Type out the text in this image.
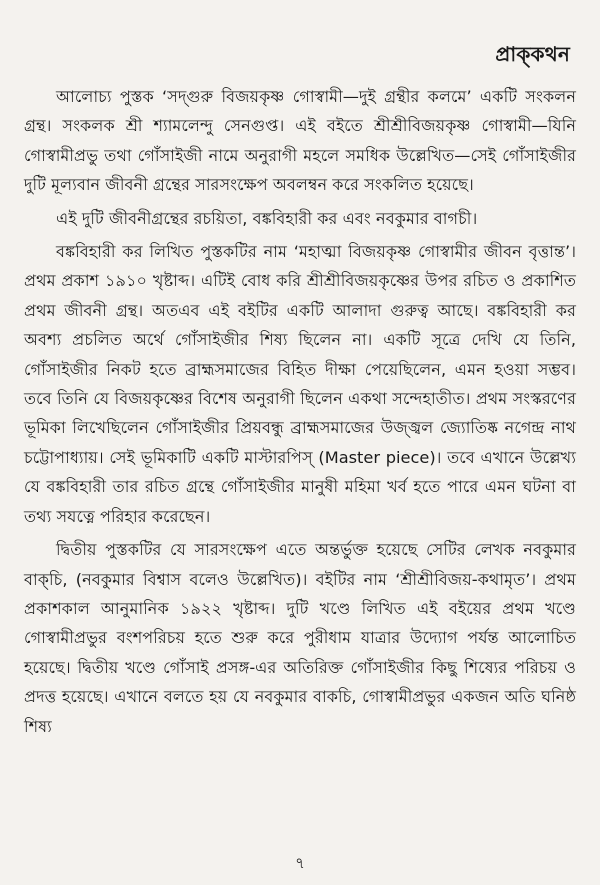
প্রাক্‌কথন

আলোচ্য পুস্তক ‘সদ্‌গুরু বিজয়কৃষ্ণ গোস্বামী—দুই গ্রন্থীর কলমে’ একটি সংকলন গ্রন্থ। সংকলক শ্রী শ্যামলেন্দু সেনগুপ্ত। এই বইতে শ্রীশ্রীবিজয়কৃষ্ণ গোস্বামী—যিনি গোস্বামীপ্রভু তথা গোঁসাইজী নামে অনুরাগী মহলে সমধিক উল্লেখিত—সেই গোঁসাইজীর দুটি মূল্যবান জীবনী গ্রন্থের সারসংক্ষেপ অবলম্বন করে সংকলিত হয়েছে।

এই দুটি জীবনীগ্রন্থের রচয়িতা, বঙ্কবিহারী কর এবং নবকুমার বাগচী।

বঙ্কবিহারী কর লিখিত পুস্তকটির নাম ‘মহাত্মা বিজয়কৃষ্ণ গোস্বামীর জীবন বৃত্তান্ত’। প্রথম প্রকাশ ১৯১০ খৃষ্টাব্দ। এটিই বোধ করি শ্রীশ্রীবিজয়কৃষ্ণের উপর রচিত ও প্রকাশিত প্রথম জীবনী গ্রন্থ। অতএব এই বইটির একটি আলাদা গুরুত্ব আছে। বঙ্কবিহারী কর অবশ্য প্রচলিত অর্থে গোঁসাইজীর শিষ্য ছিলেন না। একটি সূত্রে দেখি যে তিনি, গোঁসাইজীর নিকট হতে ব্রাহ্মসমাজের বিহিত দীক্ষা পেয়েছিলেন, এমন হওয়া সম্ভব। তবে তিনি যে বিজয়কৃষ্ণের বিশেষ অনুরাগী ছিলেন একথা সন্দেহাতীত। প্রথম সংস্করণের ভূমিকা লিখেছিলেন গোঁসাইজীর প্রিয়বন্ধু ব্রাহ্মসমাজের উজ্জ্বল জ্যোতিষ্ক নগেন্দ্র নাথ চট্টোপাধ্যায়। সেই ভূমিকাটি একটি মাস্টারপিস্ (Master piece)। তবে এখানে উল্লেখ্য যে বঙ্কবিহারী তার রচিত গ্রন্থে গোঁসাইজীর মানুষী মহিমা খর্ব হতে পারে এমন ঘটনা বা তথ্য সযত্নে পরিহার করেছেন।

দ্বিতীয় পুস্তকটির যে সারসংক্ষেপ এতে অন্তর্ভুক্ত হয়েছে সেটির লেখক নবকুমার বাক্‌চি, (নবকুমার বিশ্বাস বলেও উল্লেখিত)। বইটির নাম ‘শ্রীশ্রীবিজয়-কথামৃত’। প্রথম প্রকাশকাল আনুমানিক ১৯২২ খৃষ্টাব্দ। দুটি খণ্ডে লিখিত এই বইয়ের প্রথম খণ্ডে গোস্বামীপ্রভুর বংশপরিচয় হতে শুরু করে পুরীধাম যাত্রার উদ্যোগ পর্যন্ত আলোচিত হয়েছে। দ্বিতীয় খণ্ডে গোঁসাই প্রসঙ্গ-এর অতিরিক্ত গোঁসাইজীর কিছু শিষ্যের পরিচয় ও প্রদত্ত হয়েছে। এখানে বলতে হয় যে নবকুমার বাকচি, গোস্বামীপ্রভুর একজন অতি ঘনিষ্ঠ শিষ্য

৭
